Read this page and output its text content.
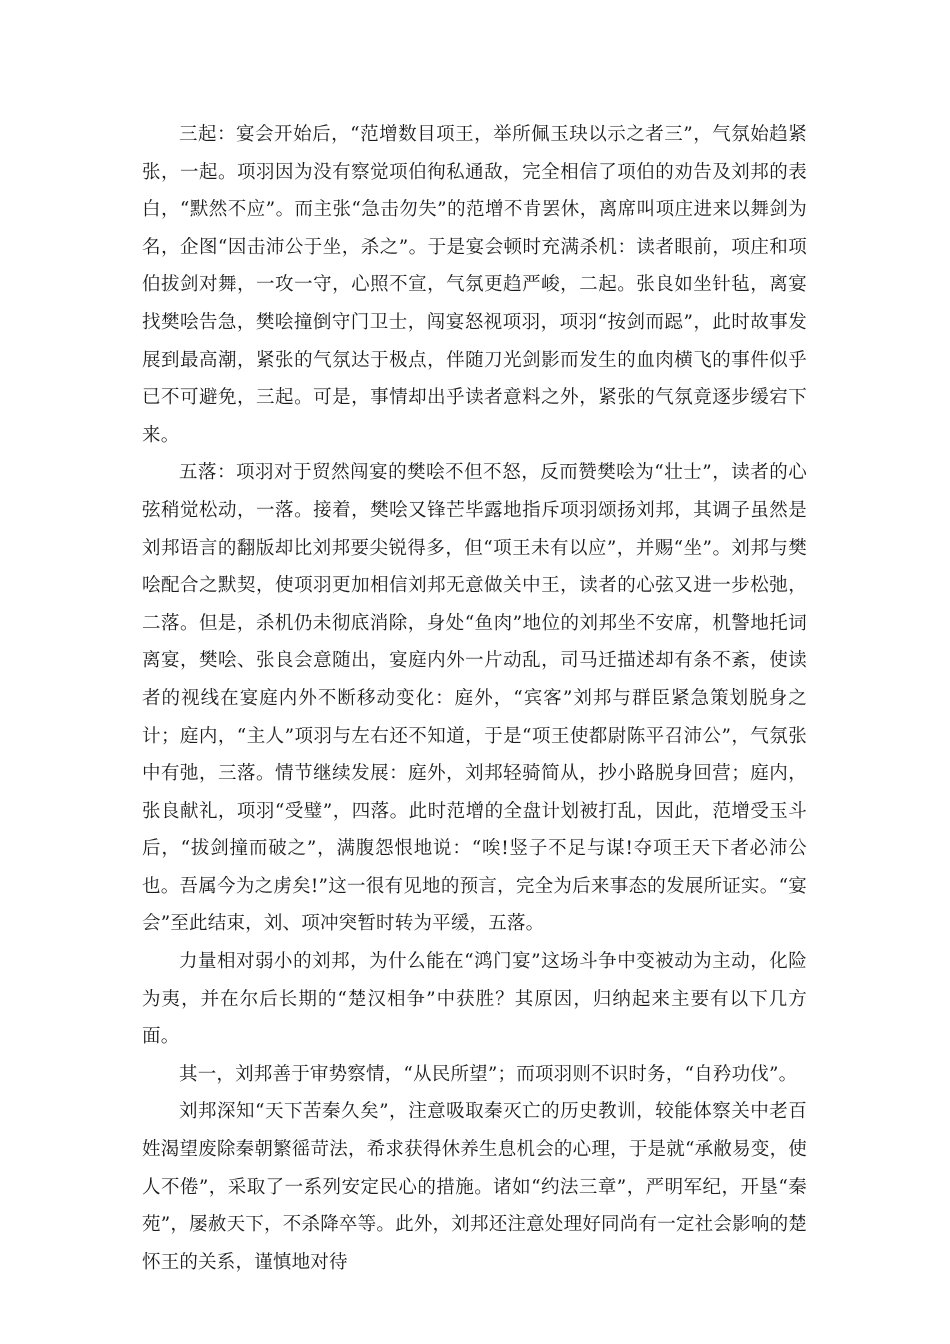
三起：宴会开始后，“范增数目项王，举所佩玉玦以示之者三”，气氛始趋紧张，一起。项羽因为没有察觉项伯徇私通敌，完全相信了项伯的劝告及刘邦的表白，“默然不应”。而主张“急击勿失”的范增不肯罢休，离席叫项庄进来以舞剑为名，企图“因击沛公于坐，杀之”。于是宴会顿时充满杀机：读者眼前，项庄和项伯拔剑对舞，一攻一守，心照不宣，气氛更趋严峻，二起。张良如坐针毡，离宴找樊哙告急，樊哙撞倒守门卫士，闯宴怒视项羽，项羽“按剑而跽”，此时故事发展到最高潮，紧张的气氛达于极点，伴随刀光剑影而发生的血肉横飞的事件似乎已不可避免，三起。可是，事情却出乎读者意料之外，紧张的气氛竟逐步缓宕下来。

五落：项羽对于贸然闯宴的樊哙不但不怒，反而赞樊哙为“壮士”，读者的心弦稍觉松动，一落。接着，樊哙又锋芒毕露地指斥项羽颂扬刘邦，其调子虽然是刘邦语言的翻版却比刘邦要尖锐得多，但“项王未有以应”，并赐“坐”。刘邦与樊哙配合之默契，使项羽更加相信刘邦无意做关中王，读者的心弦又进一步松弛，二落。但是，杀机仍未彻底消除，身处“鱼肉”地位的刘邦坐不安席，机警地托词离宴，樊哙、张良会意随出，宴庭内外一片动乱，司马迁描述却有条不紊，使读者的视线在宴庭内外不断移动变化：庭外，“宾客”刘邦与群臣紧急策划脱身之计；庭内，“主人”项羽与左右还不知道，于是“项王使都尉陈平召沛公”，气氛张中有弛，三落。情节继续发展：庭外，刘邦轻骑简从，抄小路脱身回营；庭内，张良献礼，项羽“受璧”，四落。此时范增的全盘计划被打乱，因此，范增受玉斗后，“拔剑撞而破之”，满腹怨恨地说：“唉!竖子不足与谋!夺项王天下者必沛公也。吾属今为之虏矣!”这一很有见地的预言，完全为后来事态的发展所证实。“宴会”至此结束，刘、项冲突暂时转为平缓，五落。

力量相对弱小的刘邦，为什么能在“鸿门宴”这场斗争中变被动为主动，化险为夷，并在尔后长期的“楚汉相争”中获胜？其原因，归纳起来主要有以下几方面。

其一，刘邦善于审势察情，“从民所望”；而项羽则不识时务，“自矜功伐”。

刘邦深知“天下苦秦久矣”，注意吸取秦灭亡的历史教训，较能体察关中老百姓渴望废除秦朝繁徭苛法，希求获得休养生息机会的心理，于是就“承敝易变，使人不倦”，采取了一系列安定民心的措施。诸如“约法三章”，严明军纪，开垦“秦苑”，屡赦天下，不杀降卒等。此外，刘邦还注意处理好同尚有一定社会影响的楚怀王的关系，谨慎地对待
